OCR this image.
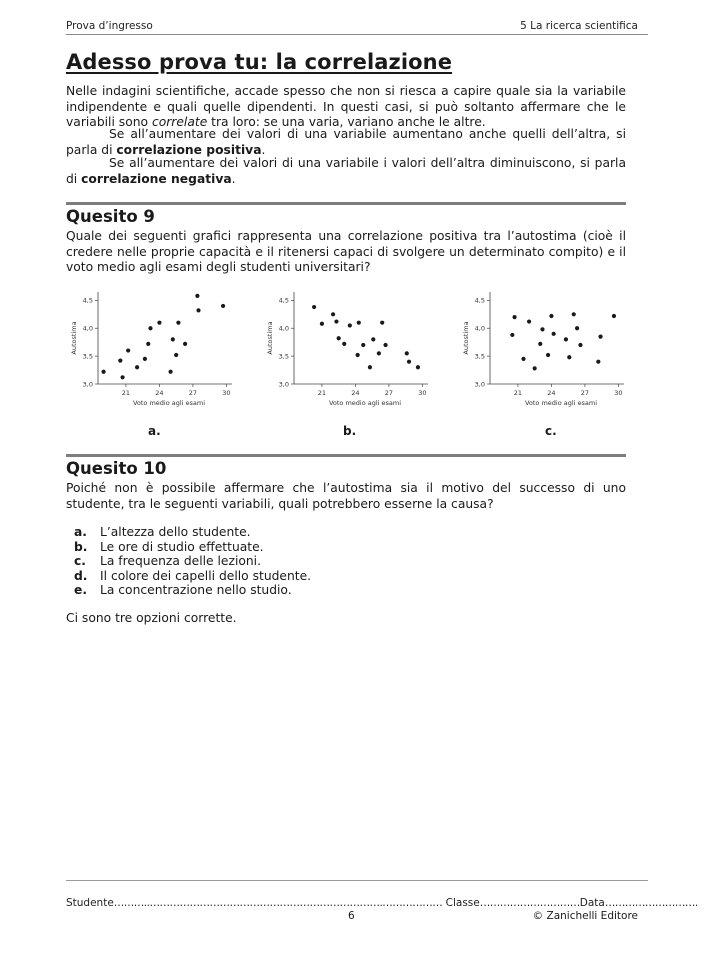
Prova d’ingresso	5 La ricerca scientifica
Adesso prova tu: la correlazione

Nelle indagini scientifiche, accade spesso che non si riesca a capire quale sia la variabile indipendente e quali quelle dipendenti. In questi casi, si può soltanto affermare che le variabili sono correlate tra loro: se una varia, variano anche le altre.

Se all’aumentare dei valori di una variabile aumentano anche quelli dell’altra, si parla di correlazione positiva.

Se all’aumentare dei valori di una variabile i valori dell’altra diminuiscono, si parla di correlazione negativa.

Quesito 9

Quale dei seguenti grafici rappresenta una correlazione positiva tra l’autostima (cioè il credere nelle proprie capacità e il ritenersi capaci di svolgere un determinato compito) e il voto medio agli esami degli studenti universitari?

3,0
3,5
4,0
4,5
21	24	27	30
Voto medio agli esami
Autostima
3,0
3,5
4,0
4,5
21	24	27	30
Voto medio agli esami
Autostima
3,0
3,5
4,0
4,5
21	24	27	30
Voto medio agli esami
Autostima
a.	b.	c.
Quesito 10

Poiché non è possibile affermare che l’autostima sia il motivo del successo di uno studente, tra le seguenti variabili, quali potrebbero esserne la causa?

a. L’altezza dello studente.
b. Le ore di studio effettuate.
c. La frequenza delle lezioni.
d. Il colore dei capelli dello studente.
e. La concentrazione nello studio.

Ci sono tre opzioni corrette.

Studente………..…………………………………………………………….……………… Classe…………………………Data……………………….
6	© Zanichelli Editore
